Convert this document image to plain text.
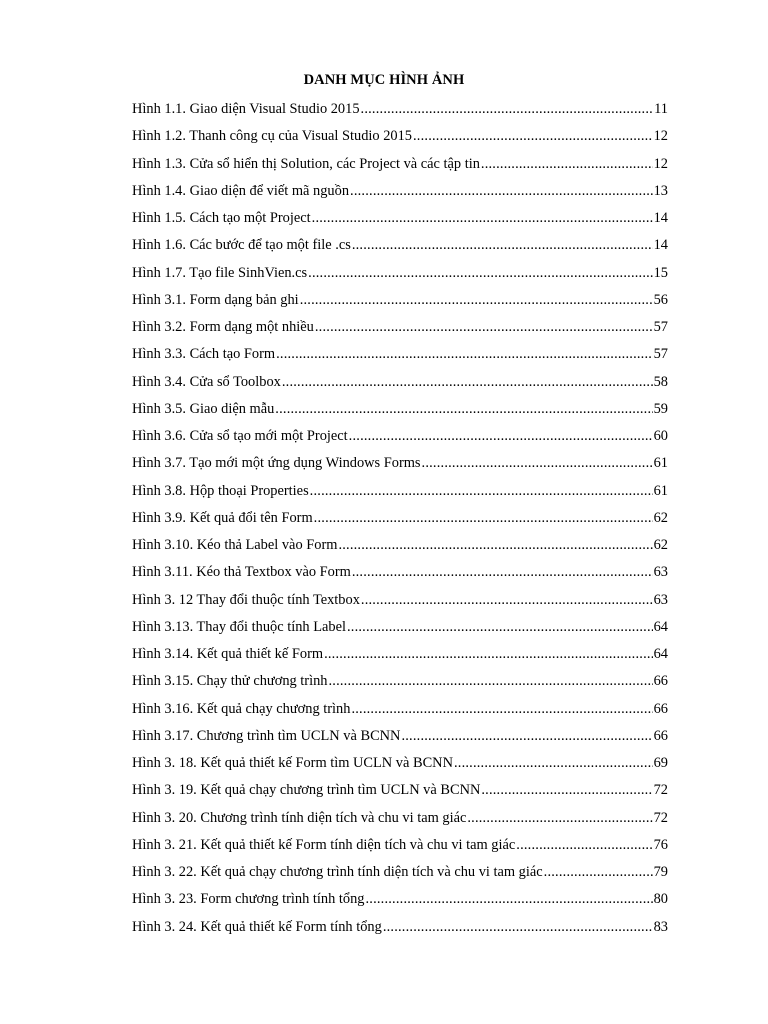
DANH MỤC HÌNH ẢNH
Hình 1.1. Giao diện Visual Studio 2015 .....	11
Hình 1.2. Thanh công cụ của Visual Studio 2015 .....	12
Hình 1.3. Cửa sổ hiển thị Solution, các Project và các tập tin .....	12
Hình 1.4. Giao diện để viết mã nguồn .....	13
Hình 1.5. Cách tạo một Project .....	14
Hình 1.6. Các bước để tạo một file .cs .....	14
Hình 1.7. Tạo file SinhVien.cs .....	15
Hình 3.1. Form dạng bản ghi .....	56
Hình 3.2. Form dạng một nhiều .....	57
Hình 3.3. Cách tạo Form .....	57
Hình 3.4. Cửa sổ Toolbox .....	58
Hình 3.5. Giao diện mẫu .....	59
Hình 3.6. Cửa sổ tạo mới một Project .....	60
Hình 3.7. Tạo mới một ứng dụng Windows Forms .....	61
Hình 3.8. Hộp thoại Properties .....	61
Hình 3.9. Kết quả đổi tên Form .....	62
Hình 3.10. Kéo thả Label vào Form .....	62
Hình 3.11. Kéo thả Textbox vào Form .....	63
Hình 3. 12 Thay đổi thuộc tính Textbox .....	63
Hình 3.13. Thay đổi thuộc tính Label .....	64
Hình 3.14. Kết quả thiết kế Form .....	64
Hình 3.15. Chạy thử chương trình .....	66
Hình 3.16. Kết quả chạy chương trình .....	66
Hình 3.17. Chương trình tìm UCLN và BCNN .....	66
Hình 3. 18. Kết quả thiết kế Form tìm UCLN và BCNN .....	69
Hình 3. 19. Kết quả chạy chương trình tìm UCLN và BCNN .....	72
Hình 3. 20. Chương trình tính diện tích và chu vi tam giác .....	72
Hình 3. 21. Kết quả thiết kế Form tính diện tích và chu vi tam giác .....	76
Hình 3. 22. Kết quả chạy chương trình tính diện tích và chu vi tam giác .....	79
Hình 3. 23. Form chương trình tính tổng .....	80
Hình 3. 24. Kết quả thiết kế Form tính tổng .....	83
